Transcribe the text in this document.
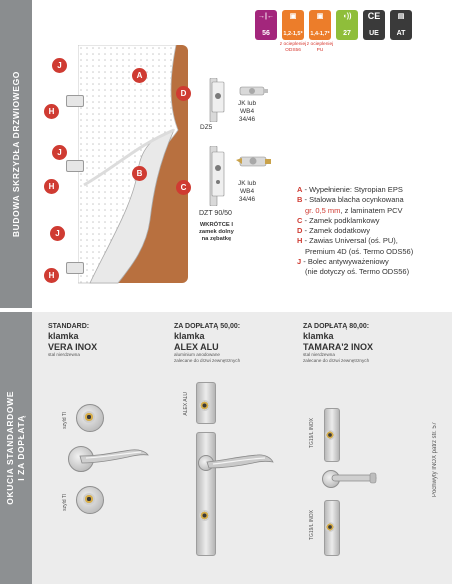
BUDOWA SKRZYDŁA DRZWIOWEGO
OKUCIA STANDARDOWE
I ZA DOPŁATĄ
→|←
56
▣
1,2-1,5*
z ociepleniej ODS56
▣
1,4-1,7*
z ociepleniej PU
◖))
27
CE
UE
▤
AT
J
A
H
D
J
B
C
H
J
H
DZ5
JK lub
WB4
34/46
DZT 90/50
WKRÓTCE I
zamek dolny
na zębatkę
JK lub
WB4
34/46
A - Wypełnienie: Styropian EPS
B - Stalowa blacha ocynkowana
gr. 0,5 mm, z laminatem PCV
C - Zamek podklamkowy
D - Zamek dodatkowy
H - Zawias Universal (oś. PU),
Premium 4D (oś. Termo ODS56)
J - Bolec antywyważeniowy
(nie dotyczy oś. Termo ODS56)
STANDARD:
klamka
VERA INOX
stal nierdzewna
ZA DOPŁATĄ 50,00:
klamka
ALEX ALU
aluminium anodowane
zalecane do drzwi zewnętrznych
ZA DOPŁATĄ 80,00:
klamka
TAMARA'2 INOX
stal nierdzewna
zalecane do drzwi zewnętrznych
szyld Tl
szyld Tl
ALEX ALU
TG19/L INOX
TG19/L INOX
Pochwyty INOX patrz str. 57
